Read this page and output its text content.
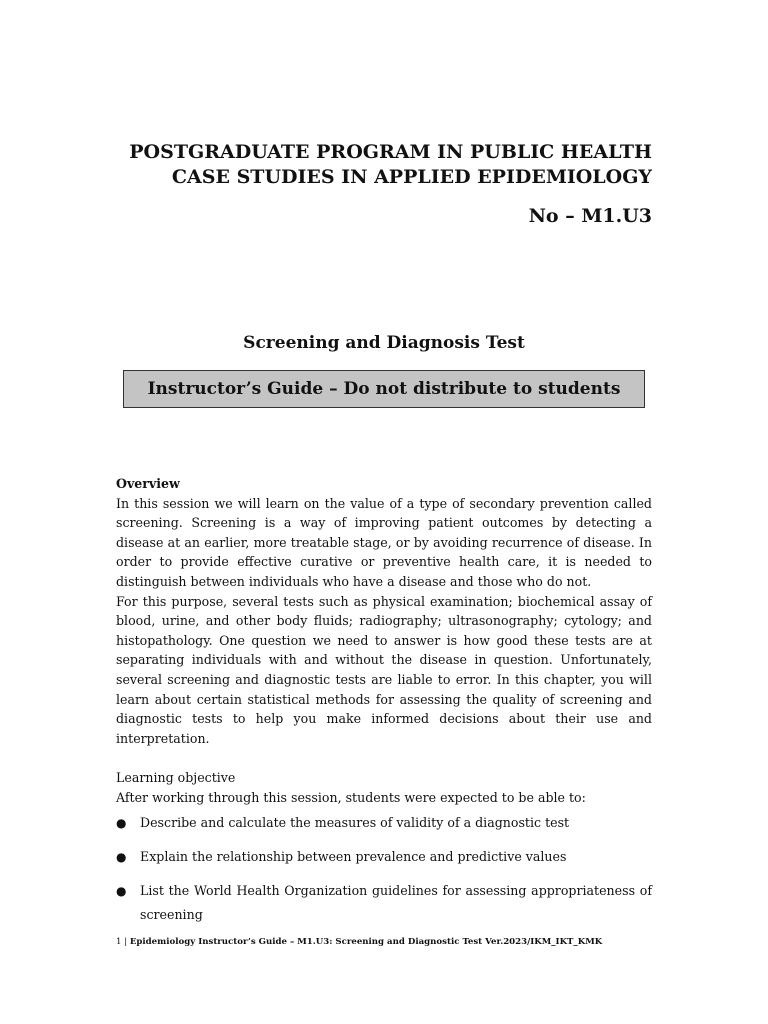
POSTGRADUATE PROGRAM IN PUBLIC HEALTH
CASE STUDIES IN APPLIED EPIDEMIOLOGY
No – M1.U3
Screening and Diagnosis Test
Instructor’s Guide – Do not distribute to students
Overview

In this session we will learn on the value of a type of secondary prevention called screening. Screening is a way of improving patient outcomes by detecting a disease at an earlier, more treatable stage, or by avoiding recurrence of disease. In order to provide effective curative or preventive health care, it is needed to distinguish between individuals who have a disease and those who do not.

For this purpose, several tests such as physical examination; biochemical assay of blood, urine, and other body fluids; radiography; ultrasonography; cytology; and histopathology. One question we need to answer is how good these tests are at separating individuals with and without the disease in question. Unfortunately, several screening and diagnostic tests are liable to error. In this chapter, you will learn about certain statistical methods for assessing the quality of screening and diagnostic tests to help you make informed decisions about their use and interpretation.

Learning objective
After working through this session, students were expected to be able to:
● Describe and calculate the measures of validity of a diagnostic test
● Explain the relationship between prevalence and predictive values
● List the World Health Organization guidelines for assessing appropriateness of screening
1 | Epidemiology Instructor’s Guide – M1.U3: Screening and Diagnostic Test Ver.2023/IKM_IKT_KMK
